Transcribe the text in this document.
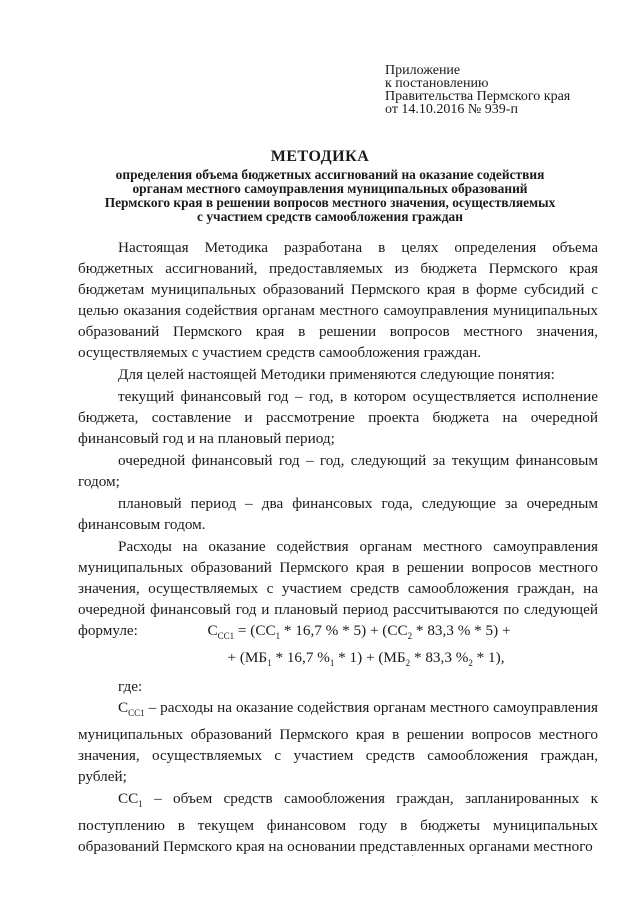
Приложение
к постановлению
Правительства Пермского края
от 14.10.2016 № 939-п
МЕТОДИКА
определения объема бюджетных ассигнований на оказание содействия
органам местного самоуправления муниципальных образований
Пермского края в решении вопросов местного значения, осуществляемых
с участием средств самообложения граждан

Настоящая Методика разработана в целях определения объема бюджетных ассигнований, предоставляемых из бюджета Пермского края бюджетам муниципальных образований Пермского края в форме субсидий с целью оказания содействия органам местного самоуправления муниципальных образований Пермского края в решении вопросов местного значения, осуществляемых с участием средств самообложения граждан.

Для целей настоящей Методики применяются следующие понятия:

текущий финансовый год – год, в котором осуществляется исполнение бюджета, составление и рассмотрение проекта бюджета на очередной финансовый год и на плановый период;

очередной финансовый год – год, следующий за текущим финансовым годом;

плановый период – два финансовых года, следующие за очередным финансовым годом.

Расходы на оказание содействия органам местного самоуправления муниципальных образований Пермского края в решении вопросов местного значения, осуществляемых с участием средств самообложения граждан, на очередной финансовый год и плановый период рассчитываются по следующей формуле:	$С_{СС1} = (СС_1 * 16,7$ % * $5) + (СС_2 * 83,3$ % * 5) +
+ ($МБ_1 * 16,7$ $\%_1 * 1) + (МБ_2 * 83,3$ $\%_2 * 1$),
где:

$С_{СС1}$ – расходы на оказание содействия органам местного самоуправления муниципальных образований Пермского края в решении вопросов местного значения, осуществляемых с участием средств самообложения граждан, рублей;

$СС_1$ – объем средств самообложения граждан, запланированных к поступлению в текущем финансовом году в бюджеты муниципальных образований Пермского края на основании представленных органами местного
